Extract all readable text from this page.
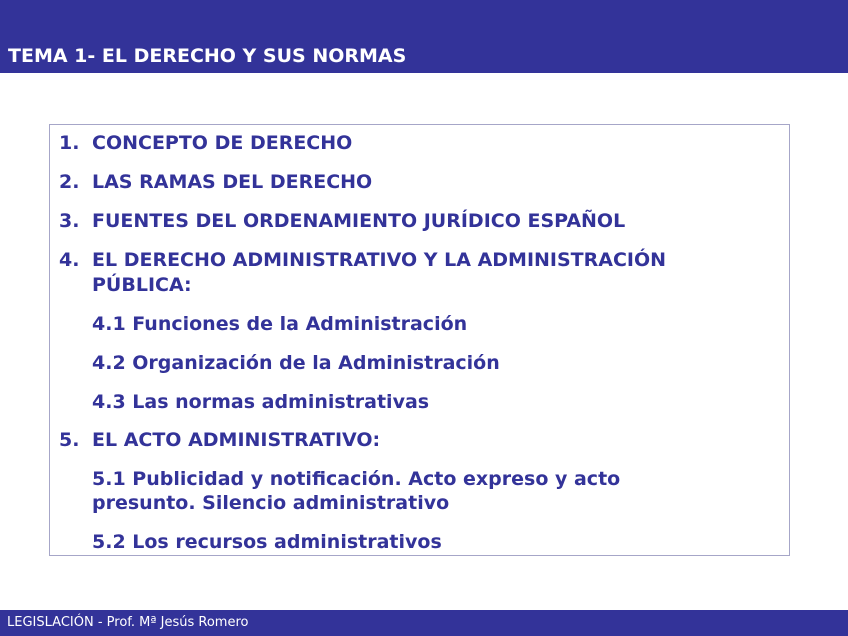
TEMA 1- EL DERECHO Y SUS NORMAS
1. CONCEPTO DE DERECHO
2. LAS RAMAS DEL DERECHO
3. FUENTES DEL ORDENAMIENTO JURÍDICO ESPAÑOL
4. EL DERECHO ADMINISTRATIVO Y LA ADMINISTRACIÓN
PÚBLICA:
4.1 Funciones de la Administración
4.2 Organización de la Administración
4.3 Las normas administrativas
5. EL ACTO ADMINISTRATIVO:
5.1 Publicidad y notificación. Acto expreso y acto
presunto. Silencio administrativo
5.2 Los recursos administrativos
LEGISLACIÓN - Prof. Mª Jesús Romero
